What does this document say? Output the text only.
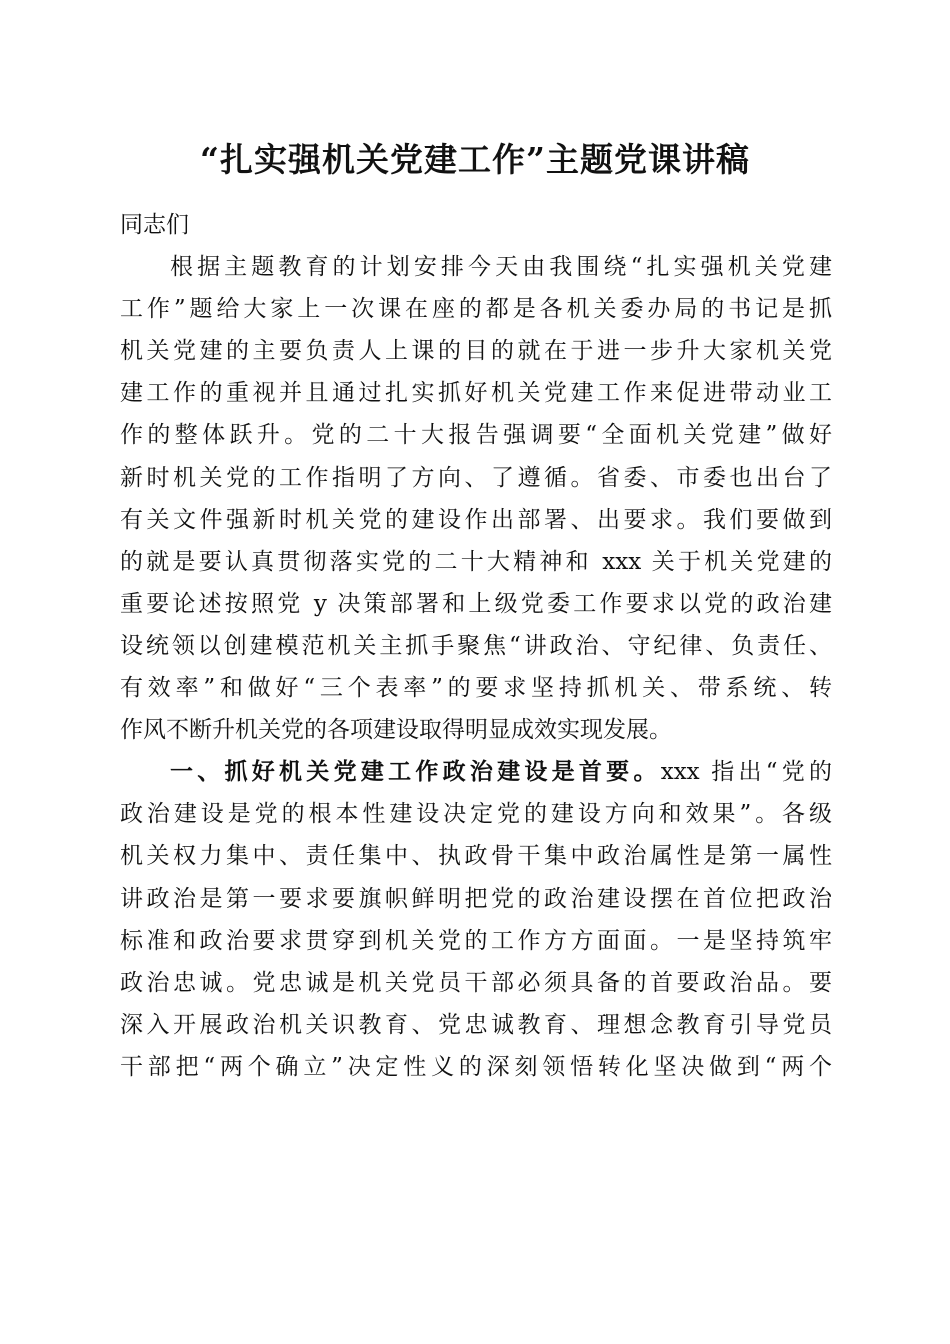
“扎实强机关党建工作”主题党课讲稿
同志们
根据主题教育的计划安排今天由我围绕“扎实强机关党建
工作”题给大家上一次课在座的都是各机关委办局的书记是抓
机关党建的主要负责人上课的目的就在于进一步升大家机关党
建工作的重视并且通过扎实抓好机关党建工作来促进带动业工
作的整体跃升。党的二十大报告强调要“全面机关党建”做好
新时机关党的工作指明了方向、了遵循。省委、市委也出台了
有关文件强新时机关党的建设作出部署、出要求。我们要做到
的就是要认真贯彻落实党的二十大精神和 xxx 关于机关党建的
重要论述按照党 y 决策部署和上级党委工作要求以党的政治建
设统领以创建模范机关主抓手聚焦“讲政治、守纪律、负责任、
有效率”和做好“三个表率”的要求坚持抓机关、带系统、转
作风不断升机关党的各项建设取得明显成效实现发展。
一、抓好机关党建工作政治建设是首要。xxx 指出“党的
政治建设是党的根本性建设决定党的建设方向和效果”。各级
机关权力集中、责任集中、执政骨干集中政治属性是第一属性
讲政治是第一要求要旗帜鲜明把党的政治建设摆在首位把政治
标准和政治要求贯穿到机关党的工作方方面面。一是坚持筑牢
政治忠诚。党忠诚是机关党员干部必须具备的首要政治品。要
深入开展政治机关识教育、党忠诚教育、理想念教育引导党员
干部把“两个确立”决定性义的深刻领悟转化坚决做到“两个
